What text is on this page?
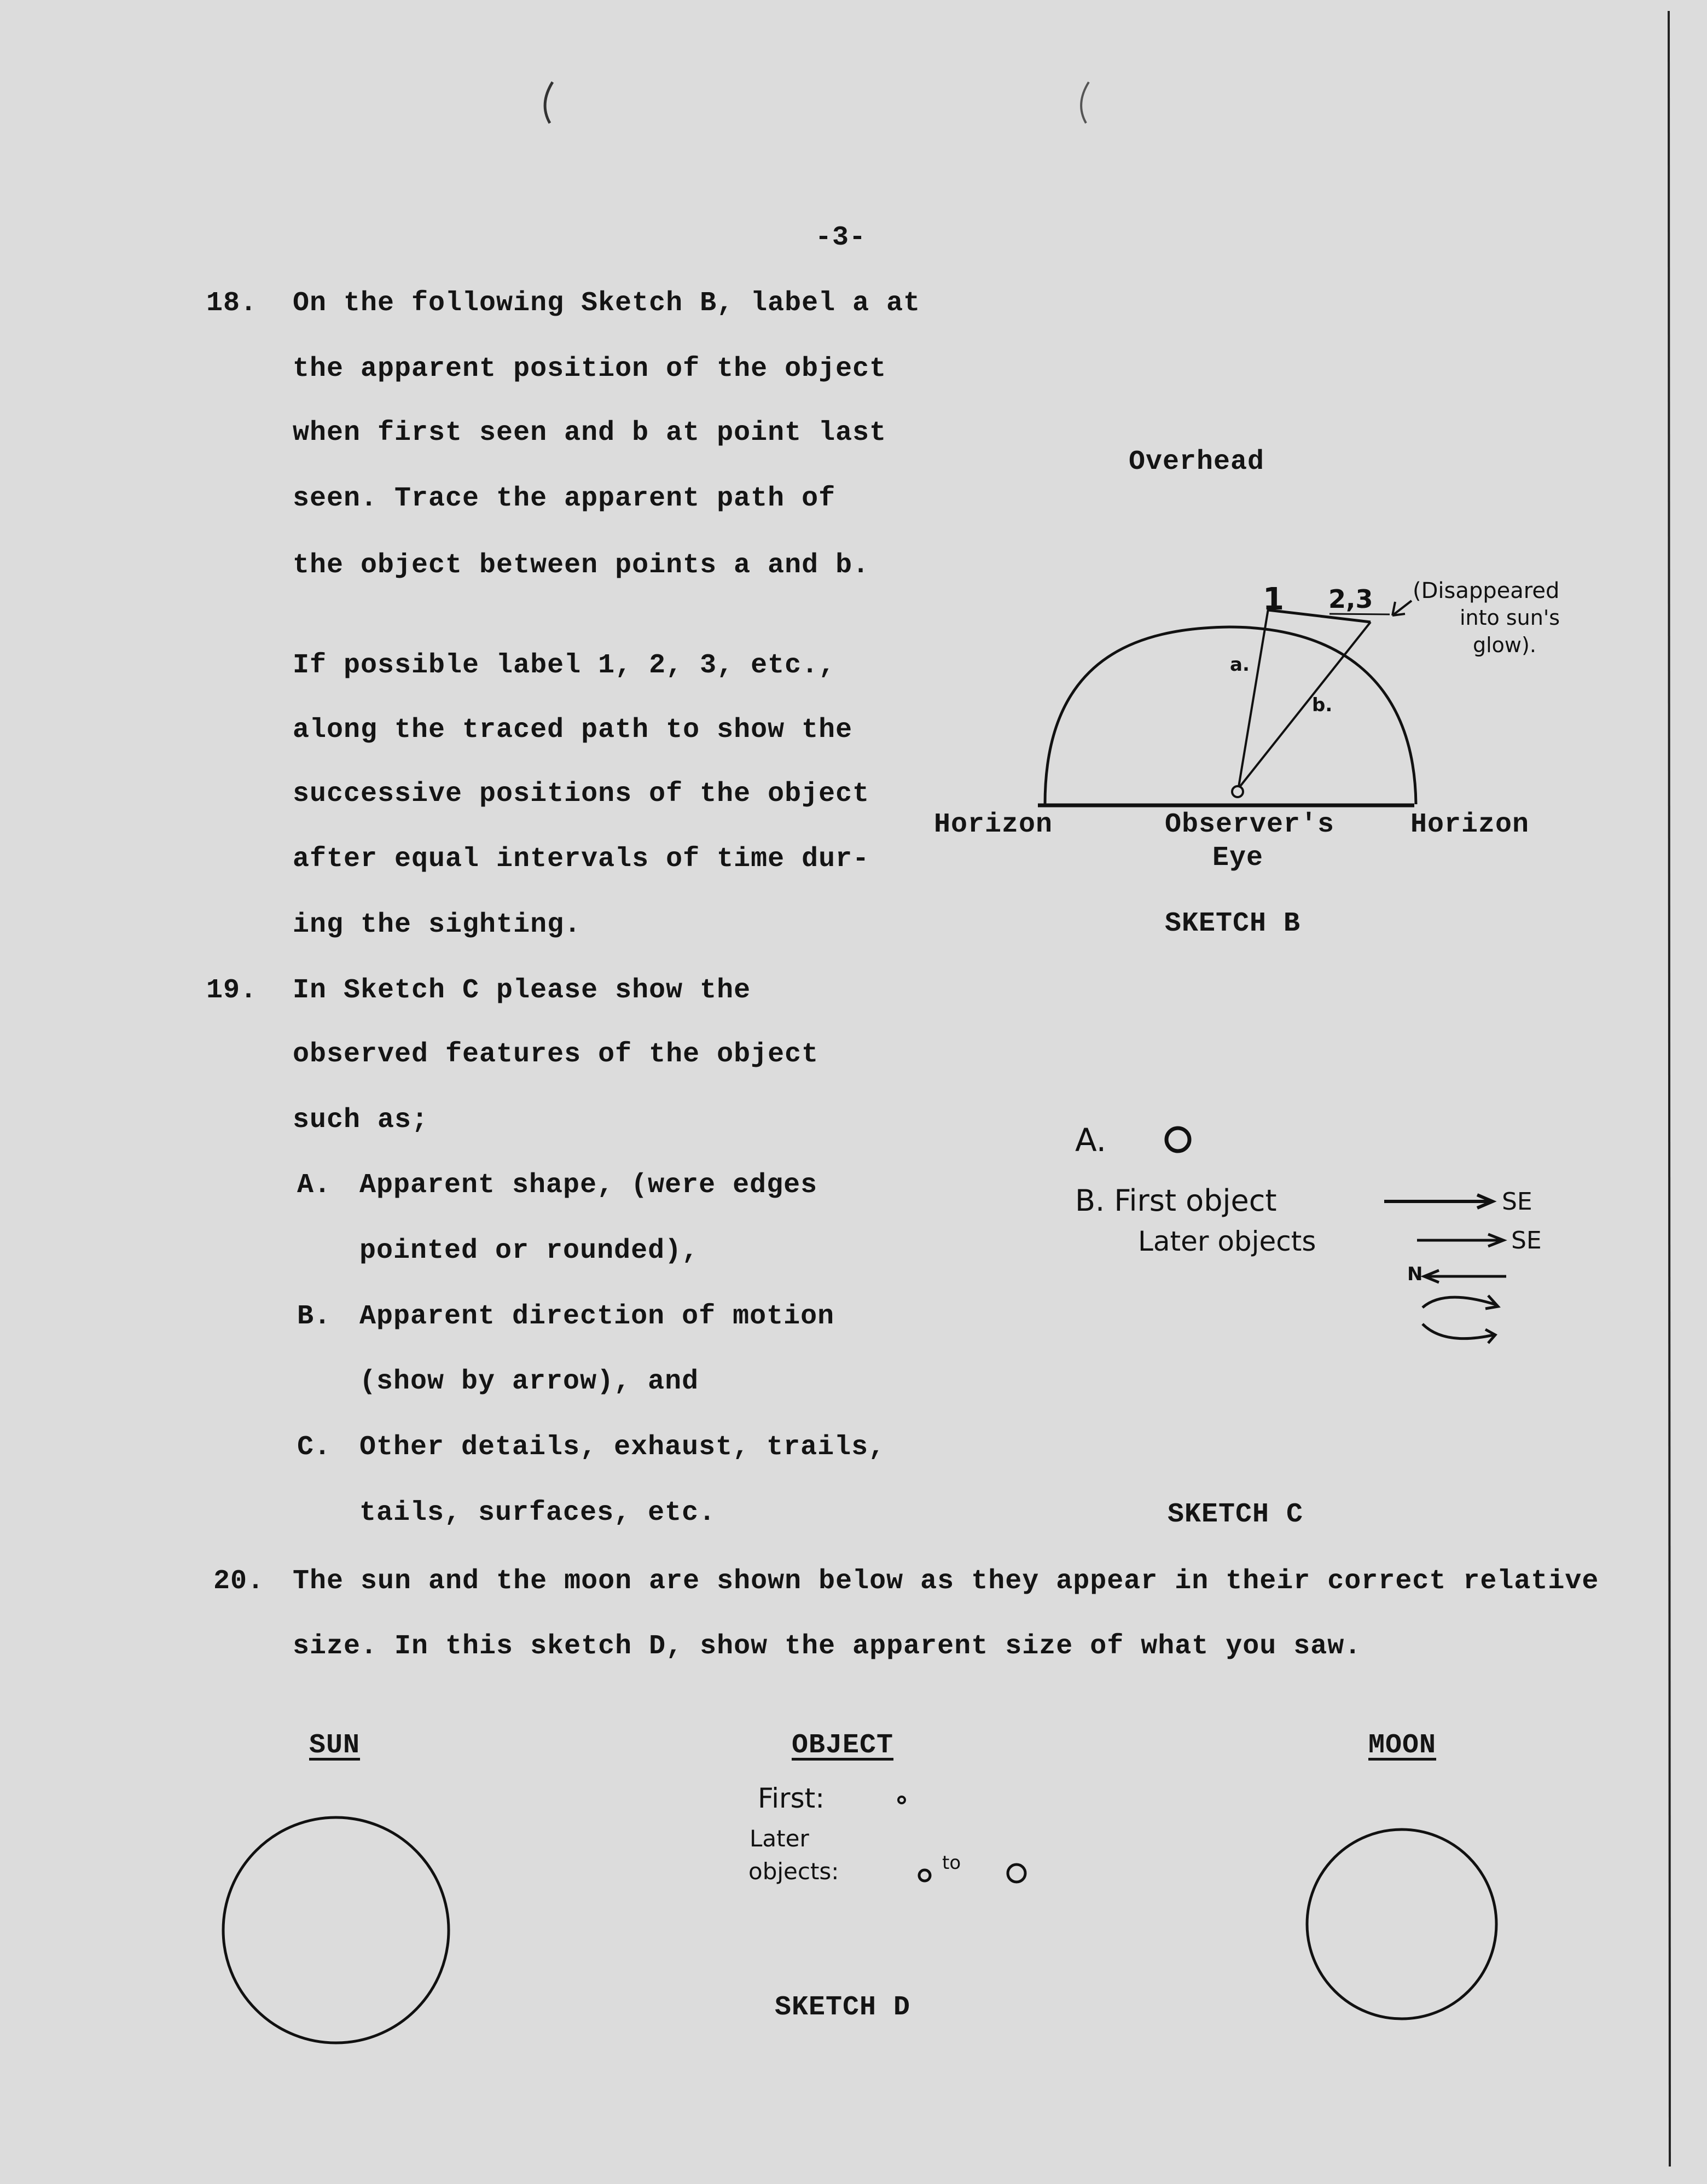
-3-
18. On the following Sketch B, label a at
the apparent position of the object
when first seen and b at point last
seen. Trace the apparent path of
the object between points a and b.
If possible label 1, 2, 3, etc.,
along the traced path to show the
successive positions of the object
after equal intervals of time dur-
ing the sighting.
Overhead
Horizon	Observer's
Eye
Horizon
SKETCH B
1 2,3
a.
b.
(Disappeared
into sun's
glow).
19. In Sketch C please show the
observed features of the object
such as;
A. Apparent shape, (were edges
pointed or rounded),
B. Apparent direction of motion
(show by arrow), and
C. Other details, exhaust, trails,
tails, surfaces, etc.
A.
B. First object	SE
Later objects	SE
N
SKETCH C
20. The sun and the moon are shown below as they appear in their correct relative
size. In this sketch D, show the apparent size of what you saw.
SUN	OBJECT	MOON
First:
Later
objects:	to
SKETCH D
